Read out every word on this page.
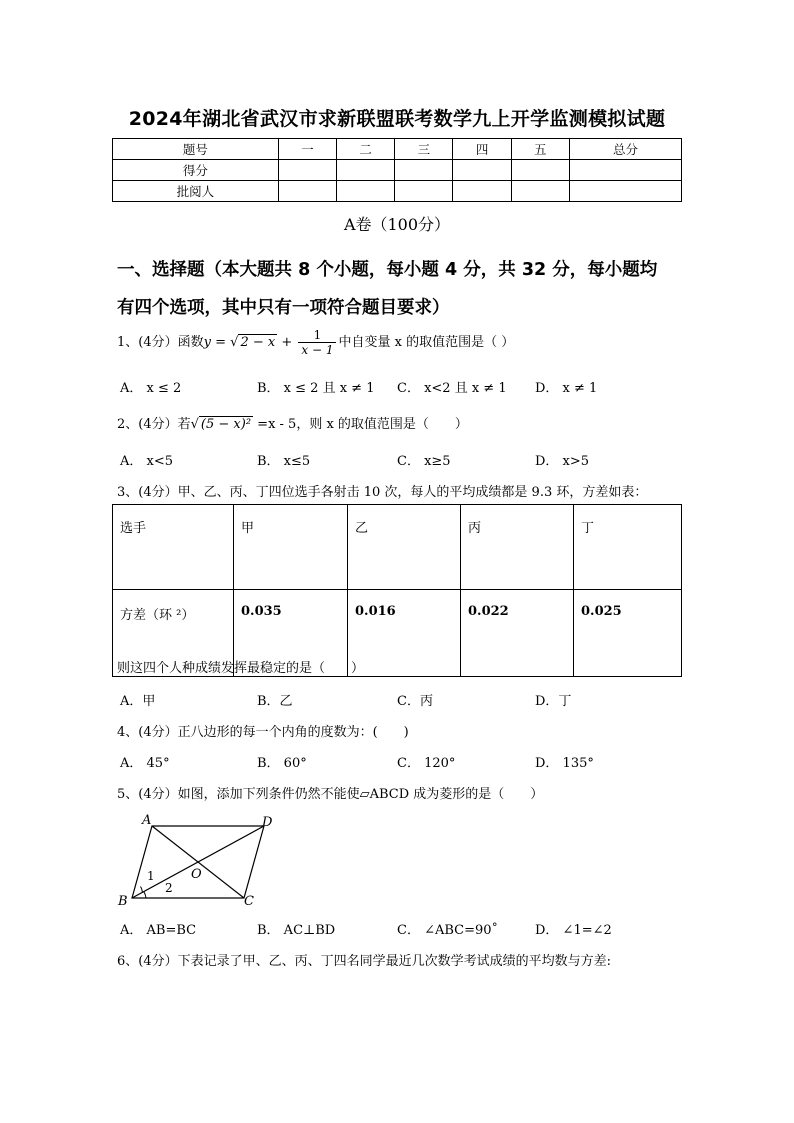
2024年湖北省武汉市求新联盟联考数学九上开学监测模拟试题
题号	一	二	三	四	五	总分
得分						
批阅人						
A卷（100分）
一、选择题（本大题共 8 个小题，每小题 4 分，共 32 分，每小题均
有四个选项，其中只有一项符合题目要求）
1、(4分）函数y = √ $2 - x + \frac{1}{x - 1}$ 中自变量 x 的取值范围是（ ）
A． x ≤ 2	B． x ≤ 2 且 x ≠ 1 C． x<2 且 x ≠ 1 D． x ≠ 1
2、(4分）若√ (5 − x)² =x - 5，则 x 的取值范围是（　　）
A． x<5	B． x≤5	C． x≥5	D． x>5
3、(4分）甲、乙、丙、丁四位选手各射击 10 次，每人的平均成绩都是 9.3 环，方差如表：
选手	甲	乙	丙	丁
方差（环 ²）	0.035	0.016	0.022	0.025
则这四个人种成绩发挥最稳定的是（　　）
A．甲	B．乙	C．丙	D．丁
4、(4分）正八边形的每一个内角的度数为：(　　)
A． 45°	B． 60°	C． 120°	D． 135°
5、(4分）如图，添加下列条件仍然不能使▱ABCD 成为菱形的是（　　）
A	D
B	C
O
1
2
A． AB=BC	B． AC⊥BD	C． ∠ABC=90˚	D． ∠1=∠2
6、(4分）下表记录了甲、乙、丙、丁四名同学最近几次数学考试成绩的平均数与方差:
